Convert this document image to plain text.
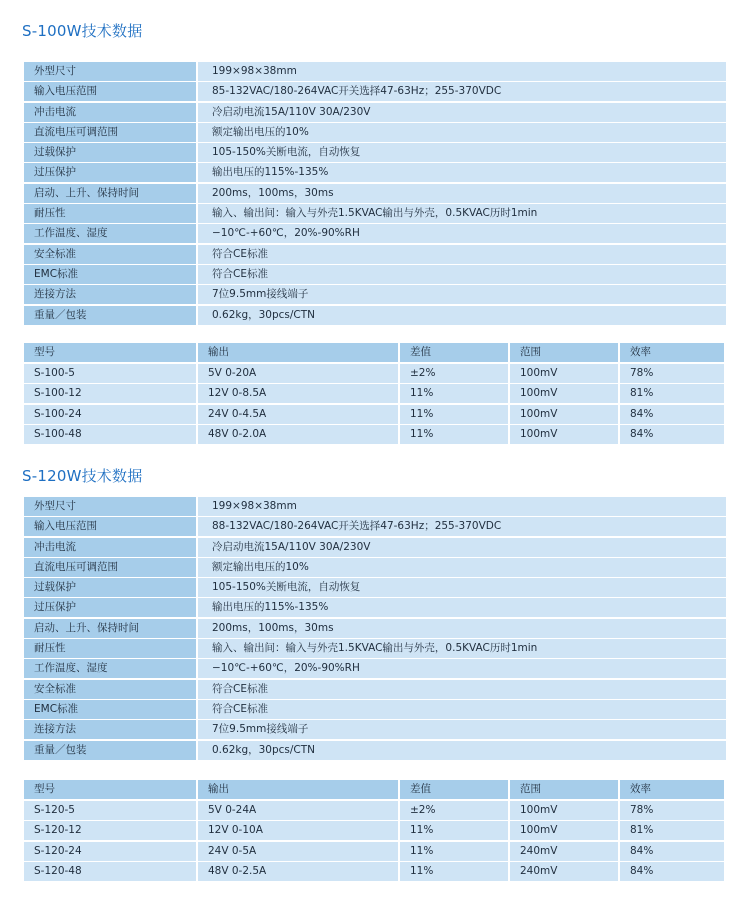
S-100W技术数据
外型尺寸	199×98×38mm
输入电压范围	85-132VAC/180-264VAC开关选择47-63Hz；255-370VDC
冲击电流	冷启动电流15A/110V 30A/230V
直流电压可调范围	额定输出电压的10%
过载保护	105-150%关断电流，自动恢复
过压保护	输出电压的115%-135%
启动、上升、保持时间	200ms，100ms，30ms
耐压性	输入、输出间：输入与外壳1.5KVAC输出与外壳，0.5KVAC历时1min
工作温度、湿度	−10℃-+60℃，20%-90%RH
安全标准	符合CE标准
EMC标准	符合CE标准
连接方法	7位9.5mm接线端子
重量／包装	0.62kg，30pcs/CTN
型号	输出	差值	范围	效率
S-100-5	5V 0-20A	±2%	100mV	78%
S-100-12	12V 0-8.5A	11%	100mV	81%
S-100-24	24V 0-4.5A	11%	100mV	84%
S-100-48	48V 0-2.0A	11%	100mV	84%
S-120W技术数据
外型尺寸	199×98×38mm
输入电压范围	88-132VAC/180-264VAC开关选择47-63Hz；255-370VDC
冲击电流	冷启动电流15A/110V 30A/230V
直流电压可调范围	额定输出电压的10%
过载保护	105-150%关断电流，自动恢复
过压保护	输出电压的115%-135%
启动、上升、保持时间	200ms，100ms，30ms
耐压性	输入、输出间：输入与外壳1.5KVAC输出与外壳，0.5KVAC历时1min
工作温度、湿度	−10℃-+60℃，20%-90%RH
安全标准	符合CE标准
EMC标准	符合CE标准
连接方法	7位9.5mm接线端子
重量／包装	0.62kg，30pcs/CTN
型号	输出	差值	范围	效率
S-120-5	5V 0-24A	±2%	100mV	78%
S-120-12	12V 0-10A	11%	100mV	81%
S-120-24	24V 0-5A	11%	240mV	84%
S-120-48	48V 0-2.5A	11%	240mV	84%
